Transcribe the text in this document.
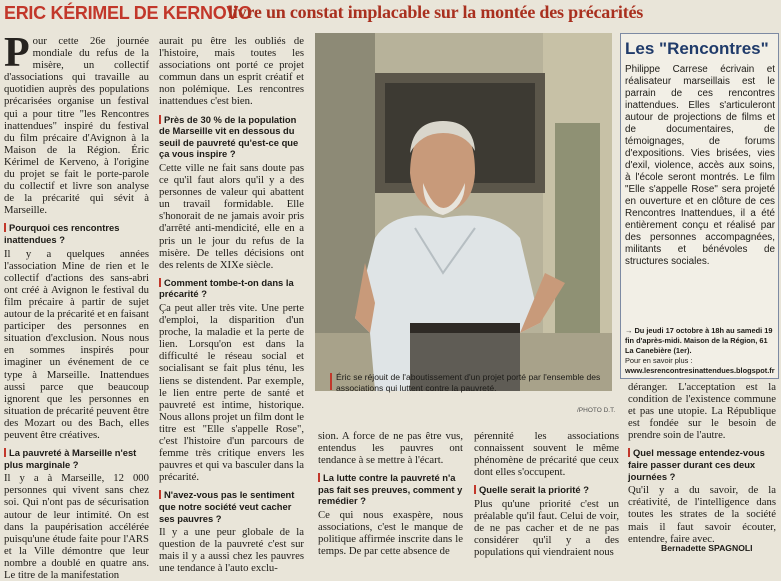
ERIC KÉRIMEL DE KERNOVO
livre un constat implacable sur la montée des précarités

Pour cette 26e journée mondiale du refus de la misère, un collectif d'associations qui travaille au quotidien auprès des populations précarisées organise un festival qui a pour titre "les Rencontres inattendues" inspiré du festival du film précaire d'Avignon à la Maison de la Région. Éric Kérimel de Kerveno, à l'origine du projet se fait le porte-parole du collectif et livre son analyse de la précarité qui sévit à Marseille.

Pourquoi ces rencontres inattendues ?

Il y a quelques années l'association Mine de rien et le collectif d'actions des sans-abri ont créé à Avignon le festival du film précaire à partir de sujet autour de la précarité et en faisant participer des personnes en situation d'exclusion. Nous nous en sommes inspirés pour imaginer un événement de ce type à Marseille. Inattendues aussi parce que beaucoup ignorent que les personnes en situation de précarité peuvent être des Mozart ou des Bach, elles peuvent être créatives.

La pauvreté à Marseille n'est plus marginale ?

Il y a à Marseille, 12 000 personnes qui vivent sans chez soi. Qui n'ont pas de sécurisation autour de leur intimité. On est dans la paupérisation accélérée puisqu'une étude faite pour l'ARS et la Ville démontre que leur nombre a doublé en quatre ans. Le titre de la manifestation

aurait pu être les oubliés de l'histoire, mais toutes les associations ont porté ce projet commun dans un esprit créatif et non polémique. Les rencontres inattendues c'est bien.

Près de 30 % de la population de Marseille vit en dessous du seuil de pauvreté qu'est-ce que ça vous inspire ?

Cette ville ne fait sans doute pas ce qu'il faut alors qu'il y a des personnes de valeur qui abattent un travail formidable. Elle s'honorait de ne jamais avoir pris d'arrêté anti-mendicité, elle en a pris un le jour du refus de la misère. De telles décisions ont des relents de XIXe siècle.

Comment tombe-t-on dans la précarité ?

Ça peut aller très vite. Une perte d'emploi, la disparition d'un proche, la maladie et la perte de lien. Lorsqu'on est dans la difficulté le réseau social et socialisant se fait plus ténu, les liens se distendent. Par exemple, le lien entre perte de santé et pauvreté est intime, historique. Nous allons projet un film dont le titre est "Elle s'appelle Rose", c'est l'histoire d'un parcours de femme très critique envers les pauvres et qui va basculer dans la précarité.

N'avez-vous pas le sentiment que notre société veut cacher ses pauvres ?

Il y a une peur globale de la question de la pauvreté c'est sur mais il y a aussi chez les pauvres une tendance à l'auto exclu-

Éric se réjouit de l'aboutissement d'un projet porté par l'ensemble des associations qui luttent contre la pauvreté.
/PHOTO D.T.

sion. A force de ne pas être vus, entendus les pauvres ont tendance à se mettre à l'écart.

La lutte contre la pauvreté n'a pas fait ses preuves, comment y remédier ?

Ce qui nous exaspère, nous associations, c'est le manque de politique affirmée inscrite dans le temps. De par cette absence de

pérennité les associations connaissent souvent le même phénomène de précarité que ceux dont elles s'occupent.

Quelle serait la priorité ?

Plus qu'une priorité c'est un préalable qu'il faut. Celui de voir, de ne pas cacher et de ne pas considérer qu'il y a des populations qui viendraient nous

déranger. L'acceptation est la condition de l'existence commune et pas une utopie. La République est fondée sur le besoin de prendre soin de l'autre.

Quel message entendez-vous faire passer durant ces deux journées ?

Qu'il y a du savoir, de la créativité, de l'intelligence dans toutes les strates de la société mais il faut savoir écouter, entendre, faire avec.

Bernadette SPAGNOLI
Les "Rencontres"
Philippe Carrese écrivain et réalisateur marseillais est le parrain de ces rencontres inattendues. Elles s'articuleront autour de projections de films et de documentaires, de témoignages, de forums d'expositions. Vies brisées, vies d'exil, violence, accès aux soins, à l'école seront montrés. Le film "Elle s'appelle Rose" sera projeté en ouverture et en clôture de ces Rencontres Inattendues, il a été entièrement conçu et réalisé par des personnes accompagnées, militants et bénévoles de structures sociales.
→ Du jeudi 17 octobre à 18h au samedi 19 fin d'après-midi. Maison de la Région, 61 La Canebière (1er).
Pour en savoir plus :
www.lesrencontresinattendues.blogspot.fr
